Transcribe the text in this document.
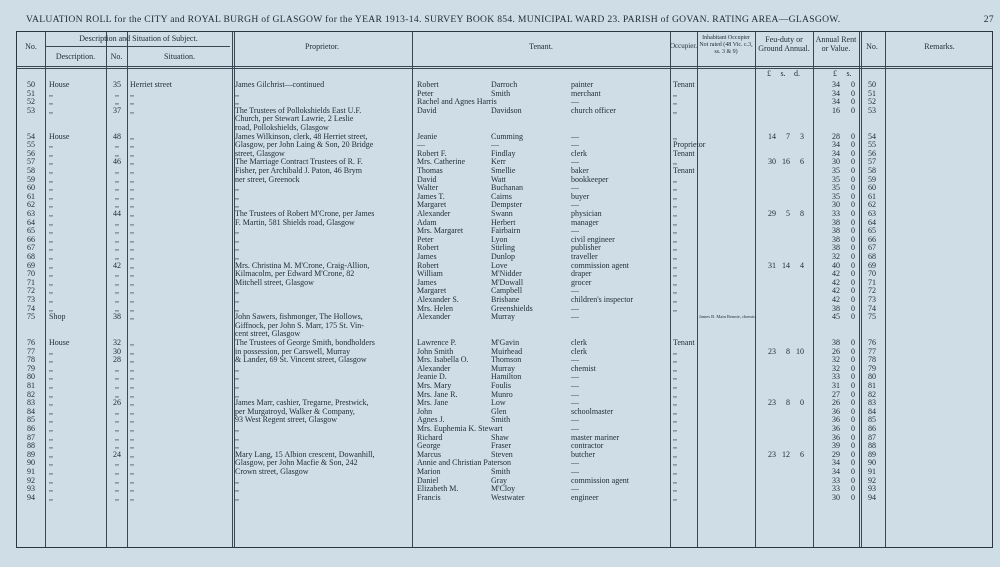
VALUATION ROLL for the CITY and ROYAL BURGH of GLASGOW for the YEAR 1913-14. SURVEY BOOK 854. MUNICIPAL WARD 23. PARISH of GOVAN. RATING AREA—GLASGOW.	27
No.
Description and Situation of Subject.
Description.	No.	Situation.
Proprietor.	Tenant.	Occupier.
Inhabitant Occupier Not rated (48 Vic. c.3, ss. 3 & 9)
Feu-duty or Ground Annual.
Annual Rent or Value.	No.	Remarks.
£	s.	d.	£	s.
50	House	35	Herriet street	James Gilchrist—continued	Robert	Darroch	painter	Tenant	34	0	50
51	,,	,,	,,	,,	Peter	Smith	merchant	,,	34	0	51
52	,,	,,	,,	,,	Rachel and Agnes Harris	—	,,	34	0	52
53	,,	37	,,	The Trustees of Pollokshields East U.F.	David	Davidson	church officer	,,	16	0	53
Church, per Stewart Lawrie, 2 Leslie
road, Pollokshields, Glasgow
54	House	48	,,	James Wilkinson, clerk, 48 Herriet street,	Jeanie	Cumming	—	,,	14	7	3	28	0	54
55	,,	,,	,,	Glasgow, per John Laing & Son, 20 Bridge	—	—	—	Proprietor	34	0	55
56	,,	,,	,,	street, Glasgow	Robert F.	Findlay	clerk	Tenant	34	0	56
57	,,	46	,,	The Marriage Contract Trustees of R. F.	Mrs. Catherine	Kerr	—	,,	30 16	6	30	0	57
58	,,	,,	,,	Fisher, per Archibald J. Paton, 46 Brym	Thomas	Smellie	baker	Tenant	35	0	58
59	,,	,,	,,	ner street, Greenock	David	Watt	bookkeeper	,,	35	0	59
60	,,	,,	,,	,,	Walter	Buchanan	—	,,	35	0	60
61	,,	,,	,,	,,	James T.	Cairns	buyer	,,	35	0	61
62	,,	,,	,,	,,	Margaret	Dempster	—	,,	30	0	62
63	,,	44	,,	The Trustees of Robert M'Crone, per James	Alexander	Swann	physician	,,	29	5	8	33	0	63
64	,,	,,	,,	F. Martin, 581 Shields road, Glasgow	Adam	Herbert	manager	,,	38	0	64
65	,,	,,	,,	,,	Mrs. Margaret	Fairbairn	—	,,	38	0	65
66	,,	,,	,,	,,	Peter	Lyon	civil engineer	,,	38	0	66
67	,,	,,	,,	,,	Robert	Stirling	publisher	,,	38	0	67
68	,,	,,	,,	,,	James	Dunlop	traveller	,,	32	0	68
69	,,	42	,,	Mrs. Christina M. M'Crone, Craig-Allion,	Robert	Love	commission agent	,,	31 14	4	40	0	69
70	,,	,,	,,	Kilmacolm, per Edward M'Crone, 82	William	M'Nidder	draper	,,	42	0	70
71	,,	,,	,,	Mitchell street, Glasgow	James	M'Dowall	grocer	,,	42	0	71
72	,,	,,	,,	,,	Margaret	Campbell	—	,,	42	0	72
73	,,	,,	,,	,,	Alexander S.	Brisbane	children's inspector	,,	42	0	73
74	,,	,,	,,	,,	Mrs. Helen	Greenshields	—	,,	38	0	74
75	Shop	38	,,	John Sawers, fishmonger, The Hollows,	Alexander	Murray	—	James B. Main Rennie, chemist	45	0	75
Giffnock, per John S. Marr, 175 St. Vin-
cent street, Glasgow
76	House	32	,,	The Trustees of George Smith, bondholders	Lawrence P.	M'Gavin	clerk	Tenant	38	0	76
77	,,	30	,,	in possession, per Carswell, Murray	John Smith	Muirhead	clerk	,,	23	8 10	26	0	77
78	,,	28	,,	& Lander, 69 St. Vincent street, Glasgow	Mrs. Isabella O.	Thomson	—	,,	32	0	78
79	,,	,,	,,	,,	Alexander	Murray	chemist	,,	32	0	79
80	,,	,,	,,	,,	Jeanie D.	Hamilton	—	,,	33	0	80
81	,,	,,	,,	,,	Mrs. Mary	Foulis	—	,,	31	0	81
82	,,	,,	,,	,,	Mrs. Jane R.	Munro	—	,,	27	0	82
83	,,	26	,,	James Marr, cashier, Tregarne, Prestwick,	Mrs. Jane	Low	—	,,	23	8	0	26	0	83
84	,,	,,	,,	per Murgatroyd, Walker & Company,	John	Glen	schoolmaster	,,	36	0	84
85	,,	,,	,,	93 West Regent street, Glasgow	Agnes J.	Smith	—	,,	36	0	85
86	,,	,,	,,	,,	Mrs. Euphemia K. Stewart	—	,,	36	0	86
87	,,	,,	,,	,,	Richard	Shaw	master mariner	,,	36	0	87
88	,,	,,	,,	,,	George	Fraser	contractor	,,	39	0	88
89	,,	24	,,	Mary Lang, 15 Albion crescent, Dowanhill,	Marcus	Steven	butcher	,,	23 12	6	29	0	89
90	,,	,,	,,	Glasgow, per John Macfie & Son, 242	Annie and Christian Paterson	—	,,	34	0	90
91	,,	,,	,,	Crown street, Glasgow	Marion	Smith	—	,,	34	0	91
92	,,	,,	,,	,,	Daniel	Gray	commission agent	,,	33	0	92
93	,,	,,	,,	,,	Elizabeth M.	M'Cloy	—	,,	33	0	93
94	,,	,,	,,	,,	Francis	Westwater	engineer	,,	30	0	94
